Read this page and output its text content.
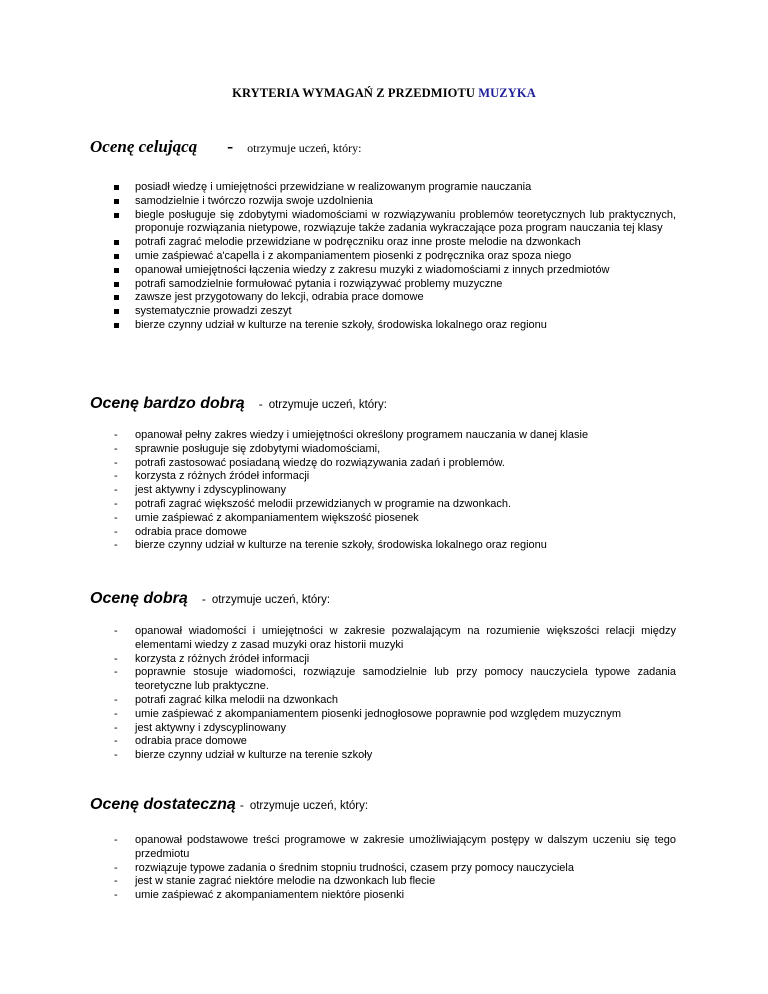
KRYTERIA WYMAGAŃ Z PRZEDMIOTU MUZYKA
Ocenę celującą - otrzymuje uczeń, który:
posiadł wiedzę i umiejętności przewidziane w realizowanym programie nauczania
samodzielnie i twórczo rozwija swoje uzdolnienia
biegle posługuje się zdobytymi wiadomościami w rozwiązywaniu problemów teoretycznych lub praktycznych, proponuje rozwiązania nietypowe, rozwiązuje także zadania wykraczające poza program nauczania tej klasy
potrafi zagrać melodie przewidziane w podręczniku oraz inne proste melodie na dzwonkach
umie zaśpiewać a'capella i z akompaniamentem piosenki z podręcznika oraz spoza niego
opanował umiejętności łączenia wiedzy z zakresu muzyki z wiadomościami z innych przedmiotów
potrafi samodzielnie formułować pytania i rozwiązywać problemy muzyczne
zawsze jest przygotowany do lekcji, odrabia prace domowe
systematycznie prowadzi zeszyt
bierze czynny udział w kulturze na terenie szkoły, środowiska lokalnego oraz regionu
Ocenę bardzo dobrą - otrzymuje uczeń, który:
opanował pełny zakres wiedzy i umiejętności określony programem nauczania w danej klasie
sprawnie posługuje się zdobytymi wiadomościami,
potrafi zastosować posiadaną wiedzę do rozwiązywania zadań i problemów.
korzysta z różnych źródeł informacji
jest aktywny i zdyscyplinowany
potrafi zagrać większość melodii przewidzianych w programie na dzwonkach.
umie zaśpiewać z akompaniamentem większość piosenek
odrabia prace domowe
bierze czynny udział w kulturze na terenie szkoły, środowiska lokalnego oraz regionu
Ocenę dobrą - otrzymuje uczeń, który:
opanował wiadomości i umiejętności w zakresie pozwalającym na rozumienie większości relacji między elementami wiedzy z zasad muzyki oraz historii muzyki
korzysta z różnych źródeł informacji
poprawnie stosuje wiadomości, rozwiązuje samodzielnie lub przy pomocy nauczyciela typowe zadania teoretyczne lub praktyczne.
potrafi zagrać kilka melodii na dzwonkach
umie zaśpiewać z akompaniamentem piosenki jednogłosowe poprawnie pod względem muzycznym
jest aktywny i zdyscyplinowany
odrabia prace domowe
bierze czynny udział w kulturze na terenie szkoły
Ocenę dostateczną - otrzymuje uczeń, który:
opanował podstawowe treści programowe w zakresie umożliwiającym postępy w dalszym uczeniu się tego przedmiotu
rozwiązuje typowe zadania o średnim stopniu trudności, czasem przy pomocy nauczyciela
jest w stanie zagrać niektóre melodie na dzwonkach lub flecie
umie zaśpiewać z akompaniamentem niektóre piosenki
